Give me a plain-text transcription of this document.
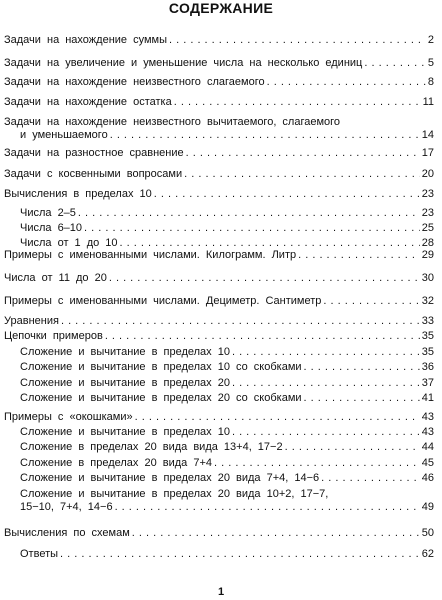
СОДЕРЖАНИЕ
Задачи на нахождение суммы . . .	2
Задачи на увеличение и уменьшение числа на несколько единиц . . .	5
Задачи на нахождение неизвестного слагаемого . . .	8
Задачи на нахождение остатка . . .	11
Задачи на нахождение неизвестного вычитаемого, слагаемого
и уменьшаемого . . .	14
Задачи на разностное сравнение . . .	17
Задачи с косвенными вопросами . . .	20
Вычисления в пределах 10 . . .	23
Числа 2–5 . . .	23
Числа 6–10 . . .	25
Числа от 1 до 10 . . .	28
Примеры с именованными числами. Килограмм. Литр . . .	29
Числа от 11 до 20 . . .	30
Примеры с именованными числами. Дециметр. Сантиметр . . .	32
Уравнения . . .	33
Цепочки примеров . . .	35
Сложение и вычитание в пределах 10 . . .	35
Сложение и вычитание в пределах 10 со скобками . . .	36
Сложение и вычитание в пределах 20 . . .	37
Сложение и вычитание в пределах 20 со скобками . . .	41
Примеры с «окошками» . . .	43
Сложение и вычитание в пределах 10 . . .	43
Сложение в пределах 20 вида вида 13+4, 17−2 . . .	44
Сложение в пределах 20 вида 7+4 . . .	45
Сложение и вычитание в пределах 20 вида 7+4, 14−6 . . .	46
Сложение и вычитание в пределах 20 вида 10+2, 17−7,
15−10, 7+4, 14−6 . . .	49
Вычисления по схемам . . .	50
Ответы . . .	62
1
